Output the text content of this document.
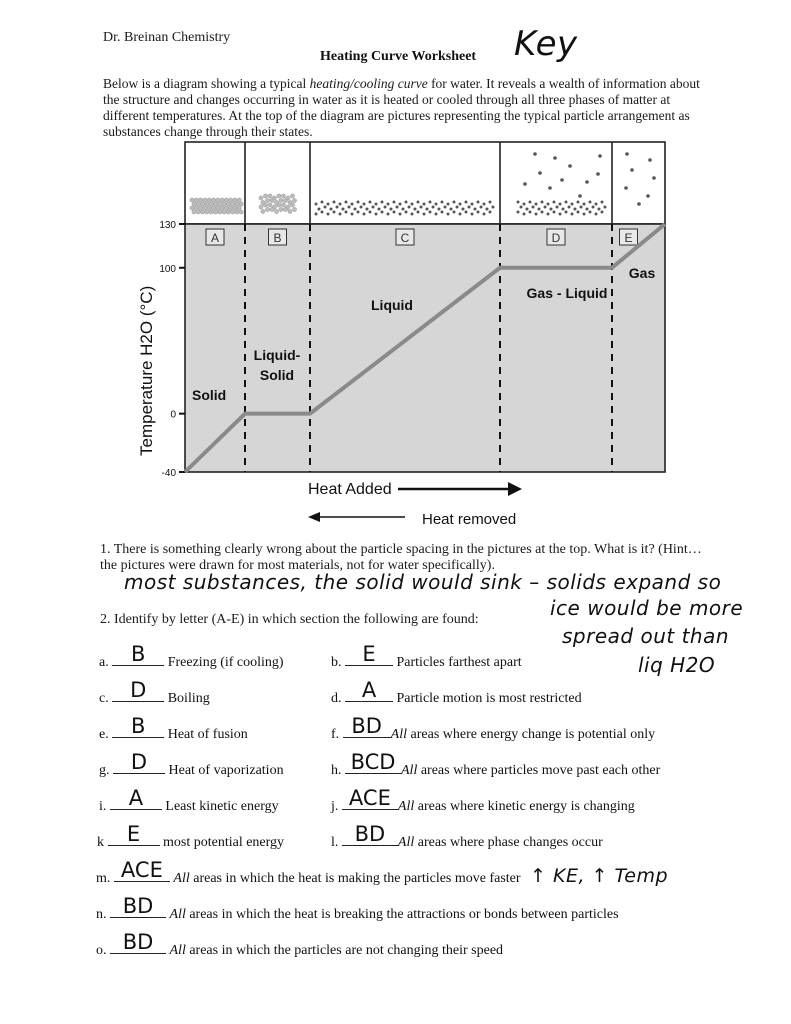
Dr. Breinan Chemistry
Heating Curve Worksheet Key
Below is a diagram showing a typical heating/cooling curve for water. It reveals a wealth of information about the structure and changes occurring in water as it is heated or cooled through all three phases of matter at different temperatures. At the top of the diagram are pictures representing the typical particle arrangement as substances change through their states.
A	B	C	D	E
130
100
0
-40
Solid
Liquid-
Solid
Liquid
Gas - Liquid
Gas
Temperature H2O (°C)
Heat Added
Heat removed
1. There is something clearly wrong about the particle spacing in the pictures at the top. What is it? (Hint… the pictures were drawn for most materials, not for water specifically).
most substances, the solid would sink – solids expand so
ice would be more
spread out than
liq H2O
2. Identify by letter (A-E) in which section the following are found:
a.	B	Freezing (if cooling)	b. E	Particles farthest apart
c.	D	Boiling	d. A	Particle motion is most restricted
e.	B	Heat of fusion	f. BD All areas where energy change is potential only
g.	D	Heat of vaporization	h. BCD All areas where particles move past each other
i.	A	Least kinetic energy	j. ACE All areas where kinetic energy is changing
k	E	most potential energy	l. BD All areas where phase changes occur
m. ACE All areas in which the heat is making the particles move faster ↑ KE, ↑ Temp
n. BD	All areas in which the heat is breaking the attractions or bonds between particles
o. BD	All areas in which the particles are not changing their speed
